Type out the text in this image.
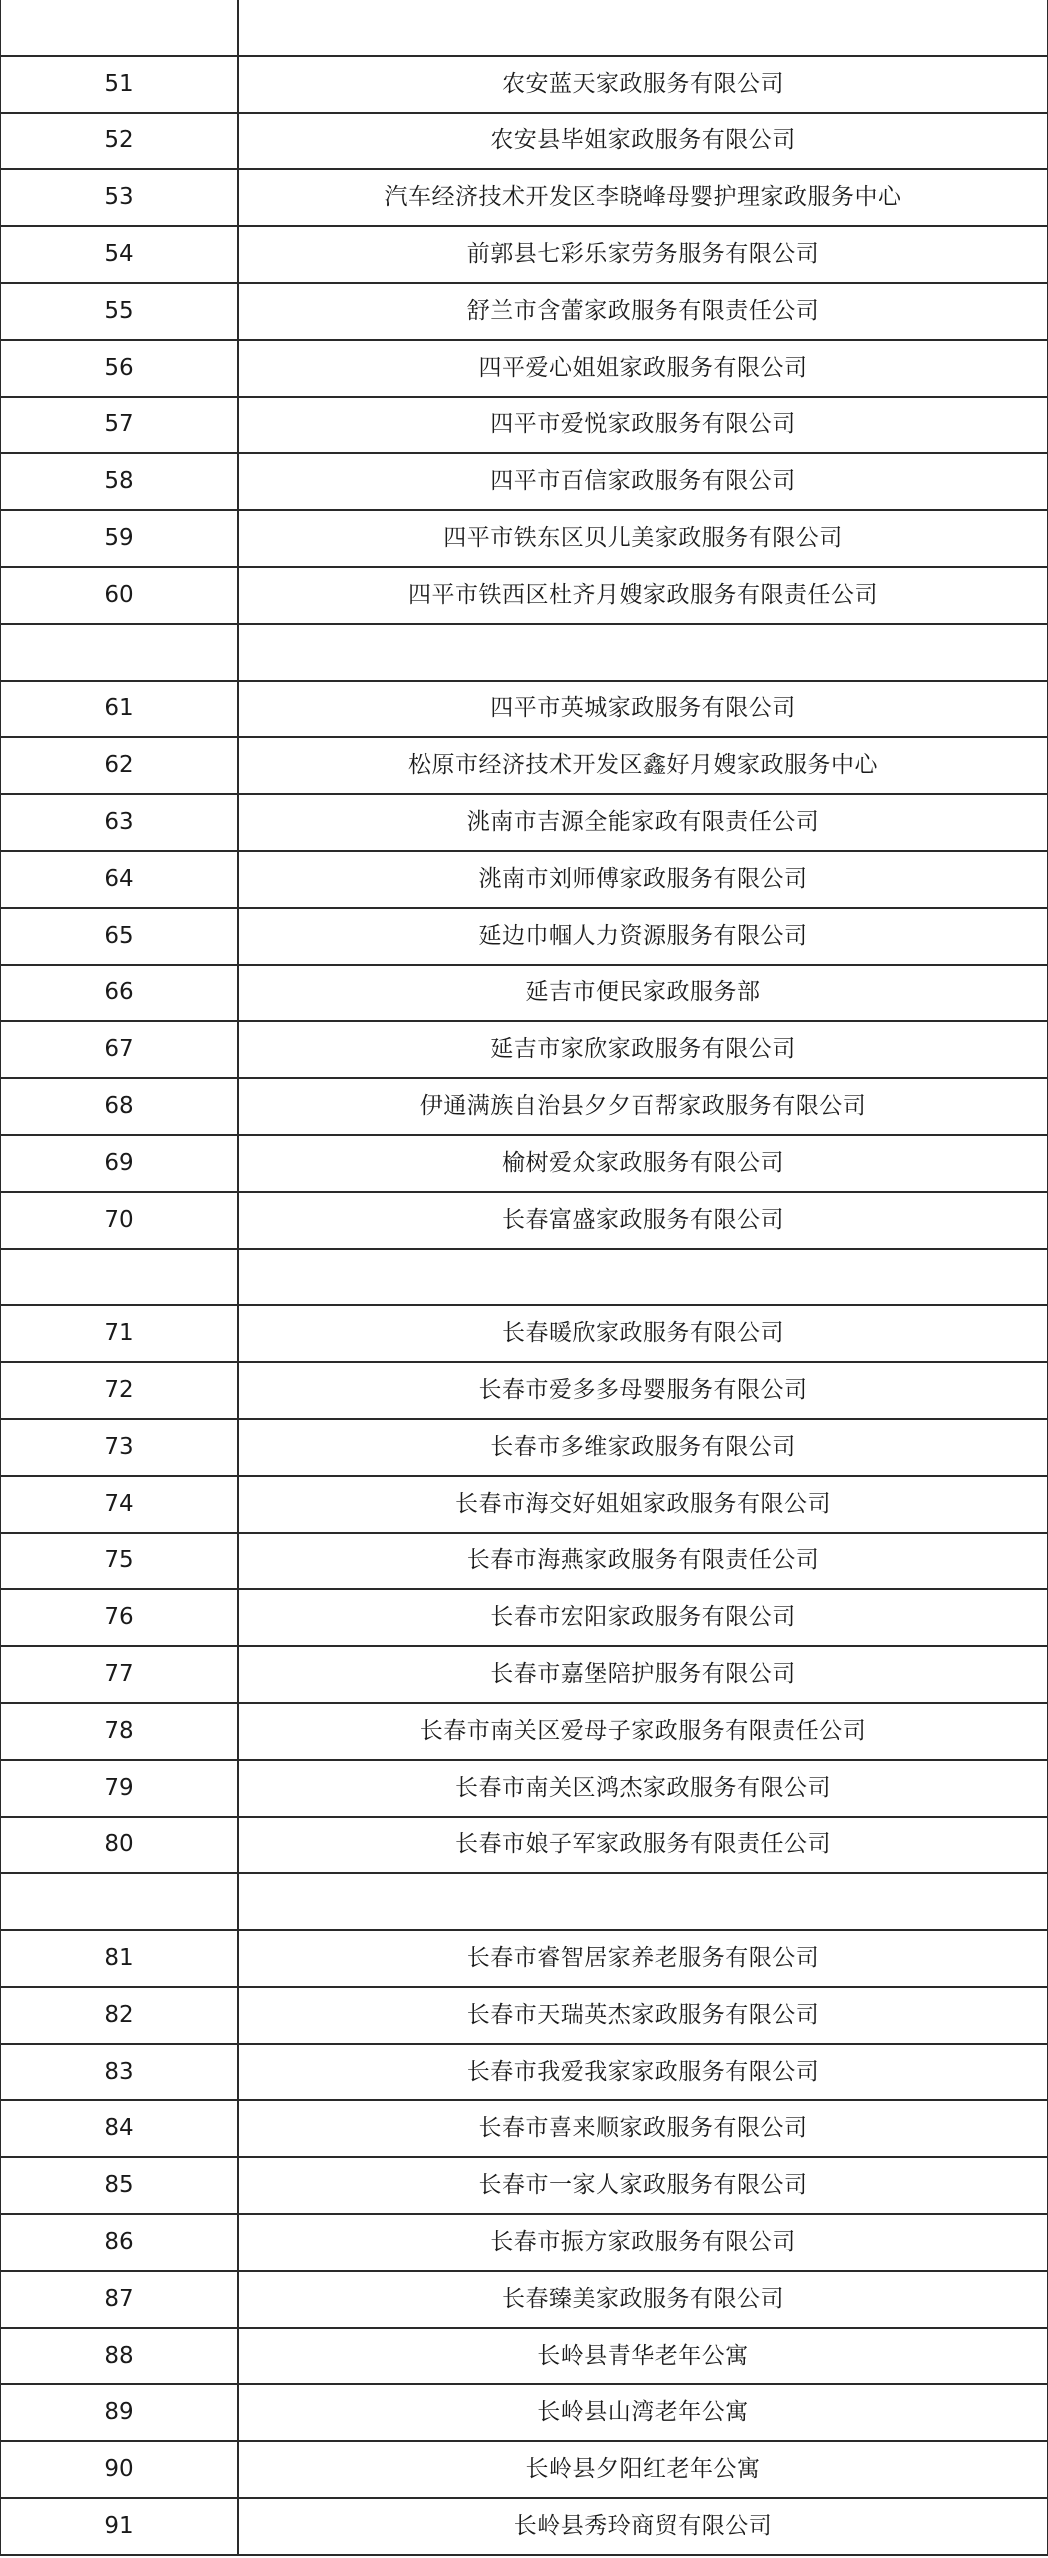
51	农安蓝天家政服务有限公司
52	农安县毕姐家政服务有限公司
53	汽车经济技术开发区李晓峰母婴护理家政服务中心
54	前郭县七彩乐家劳务服务有限公司
55	舒兰市含蕾家政服务有限责任公司
56	四平爱心姐姐家政服务有限公司
57	四平市爱悦家政服务有限公司
58	四平市百信家政服务有限公司
59	四平市铁东区贝儿美家政服务有限公司
60	四平市铁西区杜齐月嫂家政服务有限责任公司

61	四平市英城家政服务有限公司
62	松原市经济技术开发区鑫好月嫂家政服务中心
63	洮南市吉源全能家政有限责任公司
64	洮南市刘师傅家政服务有限公司
65	延边巾帼人力资源服务有限公司
66	延吉市便民家政服务部
67	延吉市家欣家政服务有限公司
68	伊通满族自治县夕夕百帮家政服务有限公司
69	榆树爱众家政服务有限公司
70	长春富盛家政服务有限公司

71	长春暖欣家政服务有限公司
72	长春市爱多多母婴服务有限公司
73	长春市多维家政服务有限公司
74	长春市海交好姐姐家政服务有限公司
75	长春市海燕家政服务有限责任公司
76	长春市宏阳家政服务有限公司
77	长春市嘉堡陪护服务有限公司
78	长春市南关区爱母子家政服务有限责任公司
79	长春市南关区鸿杰家政服务有限公司
80	长春市娘子军家政服务有限责任公司

81	长春市睿智居家养老服务有限公司
82	长春市天瑞英杰家政服务有限公司
83	长春市我爱我家家政服务有限公司
84	长春市喜来顺家政服务有限公司
85	长春市一家人家政服务有限公司
86	长春市振方家政服务有限公司
87	长春臻美家政服务有限公司
88	长岭县青华老年公寓
89	长岭县山湾老年公寓
90	长岭县夕阳红老年公寓
91	长岭县秀玲商贸有限公司
